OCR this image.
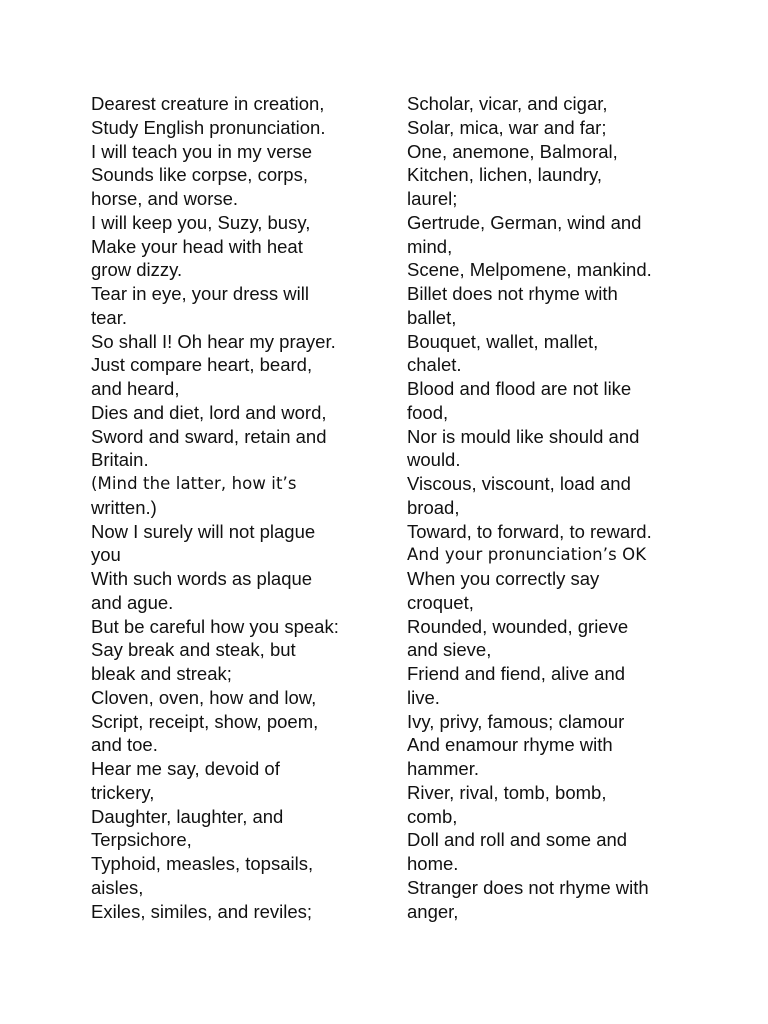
Dearest creature in creation,
Study English pronunciation.
I will teach you in my verse
Sounds like corpse, corps,
horse, and worse.
I will keep you, Suzy, busy,
Make your head with heat
grow dizzy.
Tear in eye, your dress will
tear.
So shall I! Oh hear my prayer.
Just compare heart, beard,
and heard,
Dies and diet, lord and word,
Sword and sward, retain and
Britain.
(Mind the latter, how it’s
written.)
Now I surely will not plague
you
With such words as plaque
and ague.
But be careful how you speak:
Say break and steak, but
bleak and streak;
Cloven, oven, how and low,
Script, receipt, show, poem,
and toe.
Hear me say, devoid of
trickery,
Daughter, laughter, and
Terpsichore,
Typhoid, measles, topsails,
aisles,
Exiles, similes, and reviles;
Scholar, vicar, and cigar,
Solar, mica, war and far;
One, anemone, Balmoral,
Kitchen, lichen, laundry,
laurel;
Gertrude, German, wind and
mind,
Scene, Melpomene, mankind.
Billet does not rhyme with
ballet,
Bouquet, wallet, mallet,
chalet.
Blood and flood are not like
food,
Nor is mould like should and
would.
Viscous, viscount, load and
broad,
Toward, to forward, to reward.
And your pronunciation’s OK
When you correctly say
croquet,
Rounded, wounded, grieve
and sieve,
Friend and fiend, alive and
live.
Ivy, privy, famous; clamour
And enamour rhyme with
hammer.
River, rival, tomb, bomb,
comb,
Doll and roll and some and
home.
Stranger does not rhyme with
anger,
